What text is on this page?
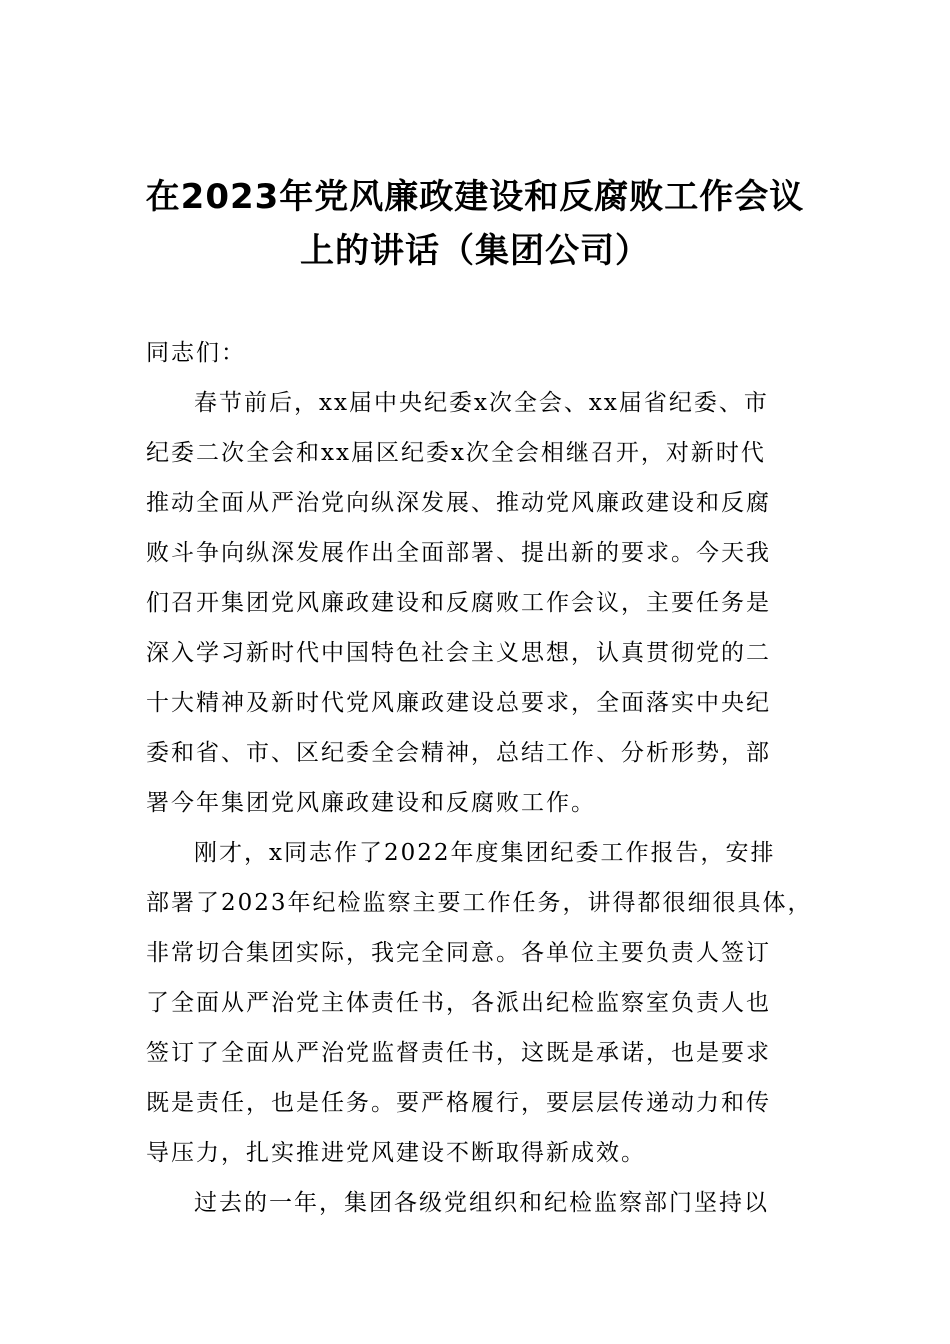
在2023年党风廉政建设和反腐败工作会议
上的讲话（集团公司）

同志们：

春节前后，xx届中央纪委x次全会、xx届省纪委、市
纪委二次全会和xx届区纪委x次全会相继召开，对新时代
推动全面从严治党向纵深发展、推动党风廉政建设和反腐
败斗争向纵深发展作出全面部署、提出新的要求。今天我
们召开集团党风廉政建设和反腐败工作会议，主要任务是
深入学习新时代中国特色社会主义思想，认真贯彻党的二
十大精神及新时代党风廉政建设总要求，全面落实中央纪
委和省、市、区纪委全会精神，总结工作、分析形势，部
署今年集团党风廉政建设和反腐败工作。

刚才，x同志作了2022年度集团纪委工作报告，安排
部署了2023年纪检监察主要工作任务，讲得都很细很具体，
非常切合集团实际，我完全同意。各单位主要负责人签订
了全面从严治党主体责任书，各派出纪检监察室负责人也
签订了全面从严治党监督责任书，这既是承诺，也是要求
既是责任，也是任务。要严格履行，要层层传递动力和传
导压力，扎实推进党风建设不断取得新成效。

过去的一年，集团各级党组织和纪检监察部门坚持以
